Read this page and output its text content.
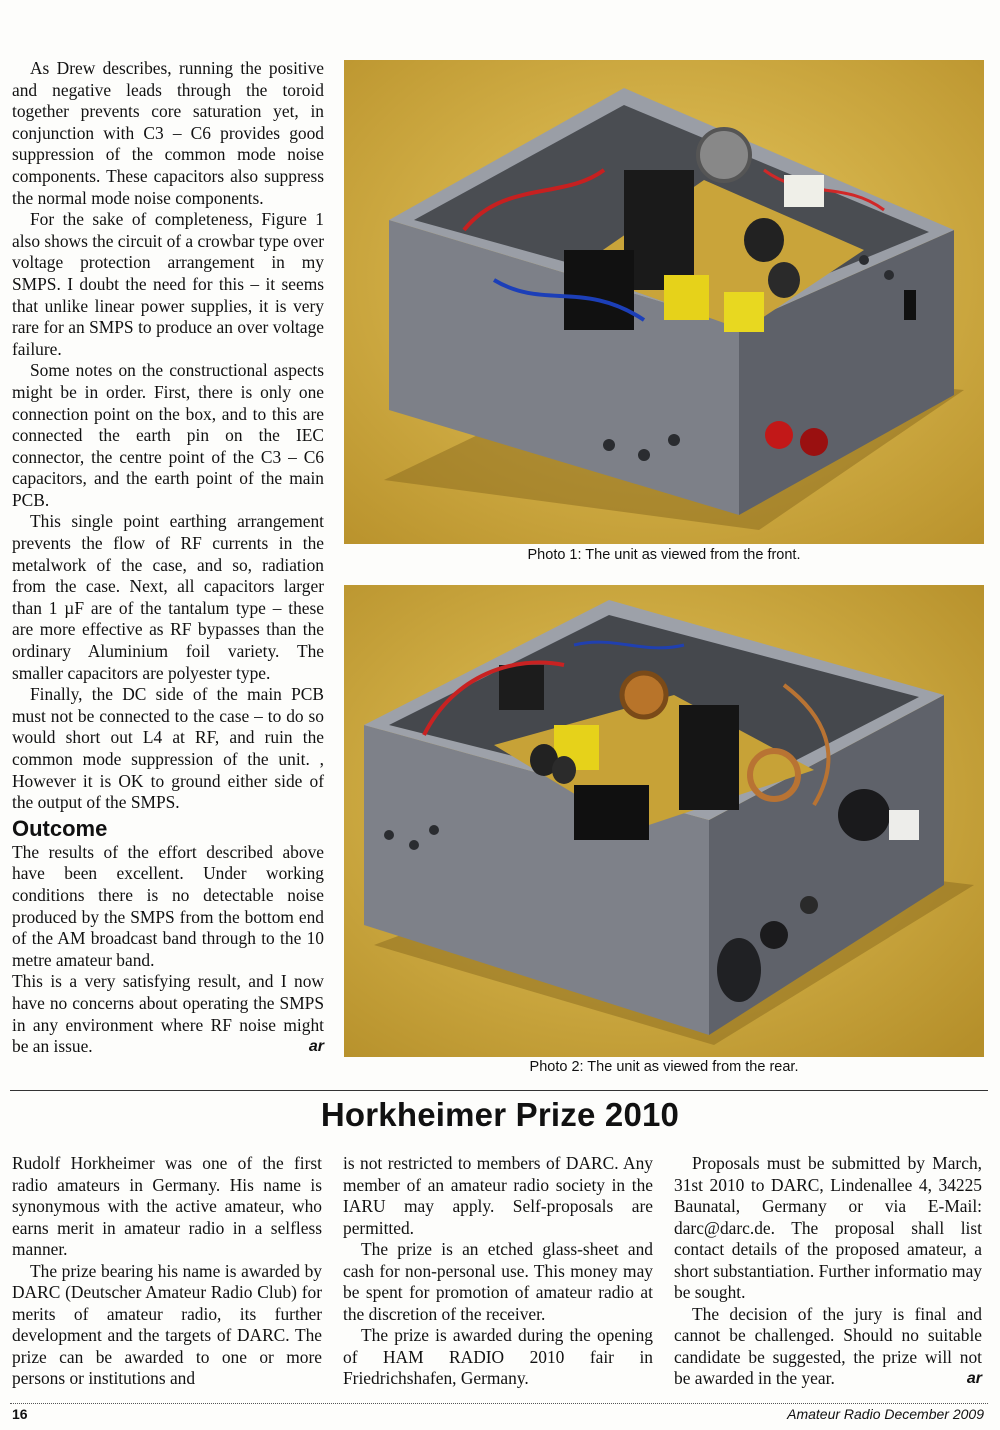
As Drew describes, running the positive and negative leads through the toroid together prevents core saturation yet, in conjunction with C3 – C6 provides good suppression of the common mode noise components. These capacitors also suppress the normal mode noise components.

For the sake of completeness, Figure 1 also shows the circuit of a crowbar type over voltage protection arrangement in my SMPS. I doubt the need for this – it seems that unlike linear power supplies, it is very rare for an SMPS to produce an over voltage failure.

Some notes on the constructional aspects might be in order. First, there is only one connection point on the box, and to this are connected the earth pin on the IEC connector, the centre point of the C3 – C6 capacitors, and the earth point of the main PCB.

This single point earthing arrangement prevents the flow of RF currents in the metalwork of the case, and so, radiation from the case. Next, all capacitors larger than 1 µF are of the tantalum type – these are more effective as RF bypasses than the ordinary Aluminium foil variety. The smaller capacitors are polyester type.

Finally, the DC side of the main PCB must not be connected to the case – to do so would short out L4 at RF, and ruin the common mode suppression of the unit. , However it is OK to ground either side of the output of the SMPS.

Outcome

The results of the effort described above have been excellent. Under working conditions there is no detectable noise produced by the SMPS from the bottom end of the AM broadcast band through to the 10 metre amateur band.

This is a very satisfying result, and I now have no concerns about operating the SMPS in any environment where RF noise might be an issue.	ar

Photo 1: The unit as viewed from the front.
Photo 2: The unit as viewed from the rear.
Horkheimer Prize 2010

Rudolf Horkheimer was one of the first radio amateurs in Germany. His name is synonymous with the active amateur, who earns merit in amateur radio in a selfless manner.

The prize bearing his name is awarded by DARC (Deutscher Amateur Radio Club) for merits of amateur radio, its further development and the targets of DARC. The prize can be awarded to one or more persons or institutions and

is not restricted to members of DARC. Any member of an amateur radio society in the IARU may apply. Self-proposals are permitted.

The prize is an etched glass-sheet and cash for non-personal use. This money may be spent for promotion of amateur radio at the discretion of the receiver.

The prize is awarded during the opening of HAM RADIO 2010 fair in Friedrichshafen, Germany.

Proposals must be submitted by March, 31st 2010 to DARC, Lindenallee 4, 34225 Baunatal, Germany or via E-Mail: darc@darc.de. The proposal shall list contact details of the proposed amateur, a short substantiation. Further informatio may be sought.

The decision of the jury is final and cannot be challenged. Should no suitable candidate be suggested, the prize will not be awarded in the year.	ar

16	Amateur Radio December 2009
